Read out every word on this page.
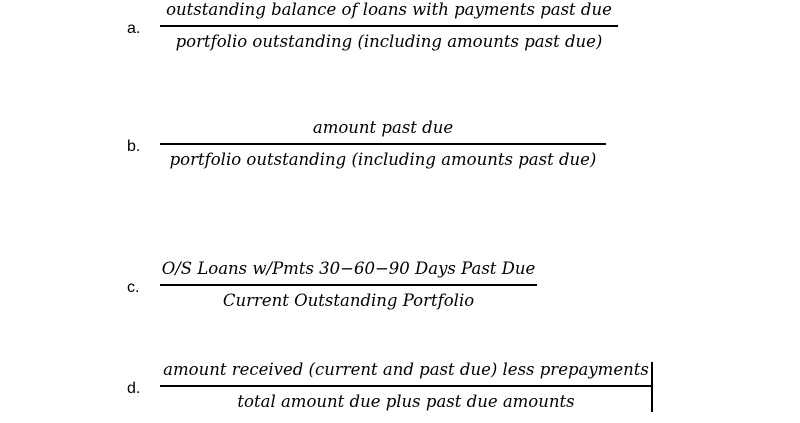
a.
outstanding balance of loans with payments past due
portfolio outstanding (including amounts past due)
b.
amount past due
portfolio outstanding (including amounts past due)
c.
O/S Loans w/Pmts 30−60−90 Days Past Due
Current Outstanding Portfolio
d.
amount received (current and past due) less prepayments
total amount due plus past due amounts
